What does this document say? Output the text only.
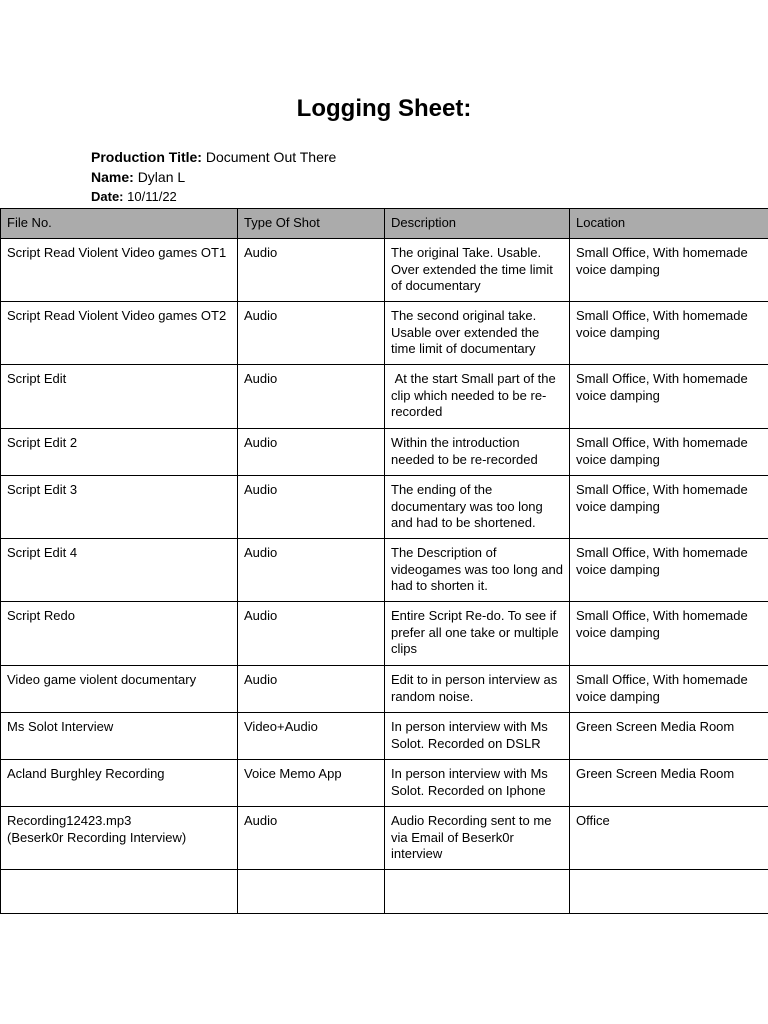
Logging Sheet:
Production Title: Document Out There
Name: Dylan L
Date: 10/11/22
File No.	Type Of Shot	Description	Location
Script Read Violent Video games OT1	Audio	The original Take. Usable. Over extended the time limit of documentary	Small Office, With homemade voice damping
Script Read Violent Video games OT2	Audio	The second original take. Usable over extended the time limit of documentary	Small Office, With homemade voice damping
Script Edit	Audio	At the start Small part of the clip which needed to be re-recorded	Small Office, With homemade voice damping
Script Edit 2	Audio	Within the introduction needed to be re-recorded	Small Office, With homemade voice damping
Script Edit 3	Audio	The ending of the documentary was too long and had to be shortened.	Small Office, With homemade voice damping
Script Edit 4	Audio	The Description of videogames was too long and had to shorten it.	Small Office, With homemade voice damping
Script Redo	Audio	Entire Script Re-do. To see if prefer all one take or multiple clips	Small Office, With homemade voice damping
Video game violent documentary	Audio	Edit to in person interview as random noise.	Small Office, With homemade voice damping
Ms Solot Interview	Video+Audio	In person interview with Ms Solot. Recorded on DSLR	Green Screen Media Room
Acland Burghley Recording	Voice Memo App	In person interview with Ms Solot. Recorded on Iphone	Green Screen Media Room
Recording12423.mp3
(Beserk0r Recording Interview)	Audio	Audio Recording sent to me via Email of Beserk0r interview	Office
